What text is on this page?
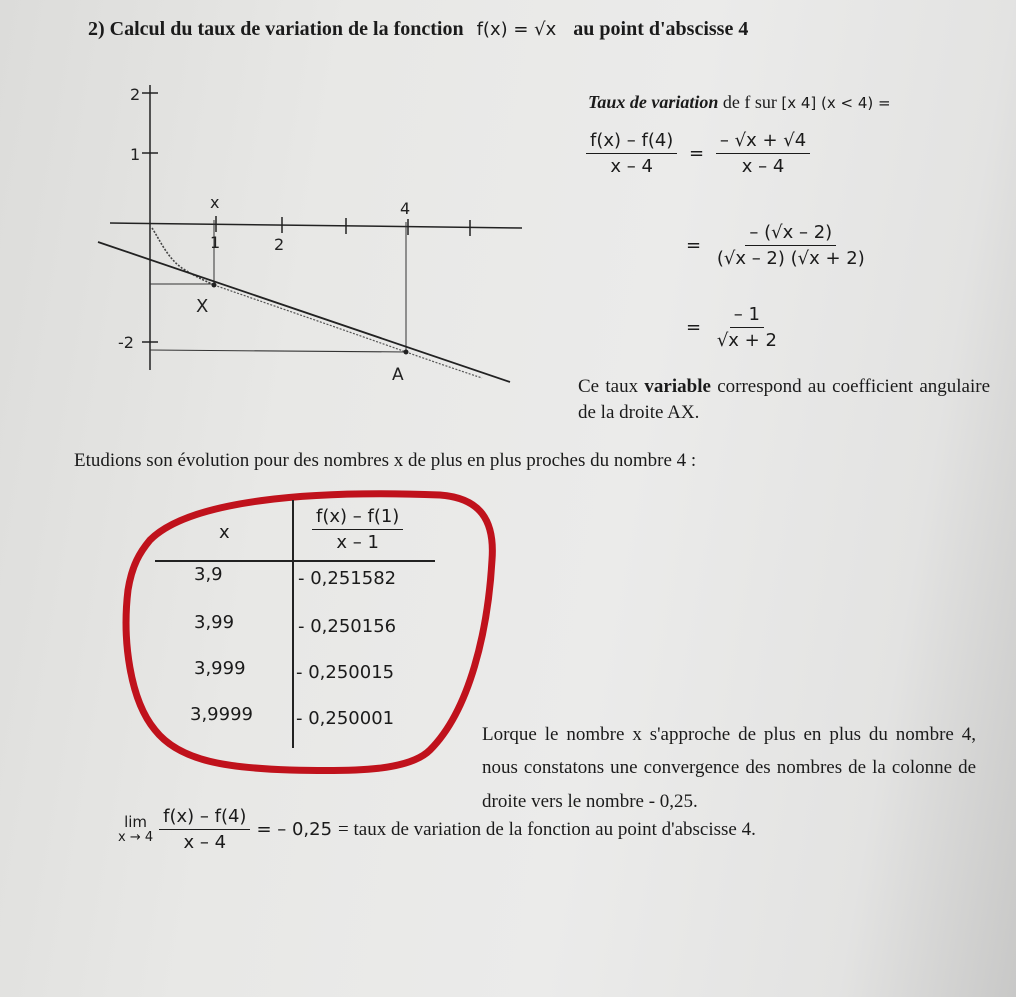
2) Calcul du taux de variation de la fonction f(x) = √x au point d'abscisse 4
2
1
-2
1	2
x	4
X
A
Taux de variation de f sur [x 4] (x < 4) =
$\frac{f(x) - f(4)}{x - 4} = \frac{- √x + √4}{x - 4}$
= $\frac{- (√x - 2)}{(√x - 2) (√x + 2)}$
= $\frac{- 1}{√x + 2}$
Ce taux variable correspond au coefficient angulaire de la droite AX.
Etudions son évolution pour des nombres x de plus en plus proches du nombre 4 :
x	$\frac{f(x) - f(1)}{x - 1}$
3,9	- 0,251582
3,99	- 0,250156
3,999	- 0,250015
3,9999 - 0,250001
Lorque le nombre x s'approche de plus en plus du nombre 4, nous constatons une convergence des nombres de la colonne de droite vers le nombre - 0,25.
lim
$x \to 4 \frac{f(x) - f(4)}{x - 4}$ = – 0,25 = taux de variation de la fonction au point d'abscisse 4.
